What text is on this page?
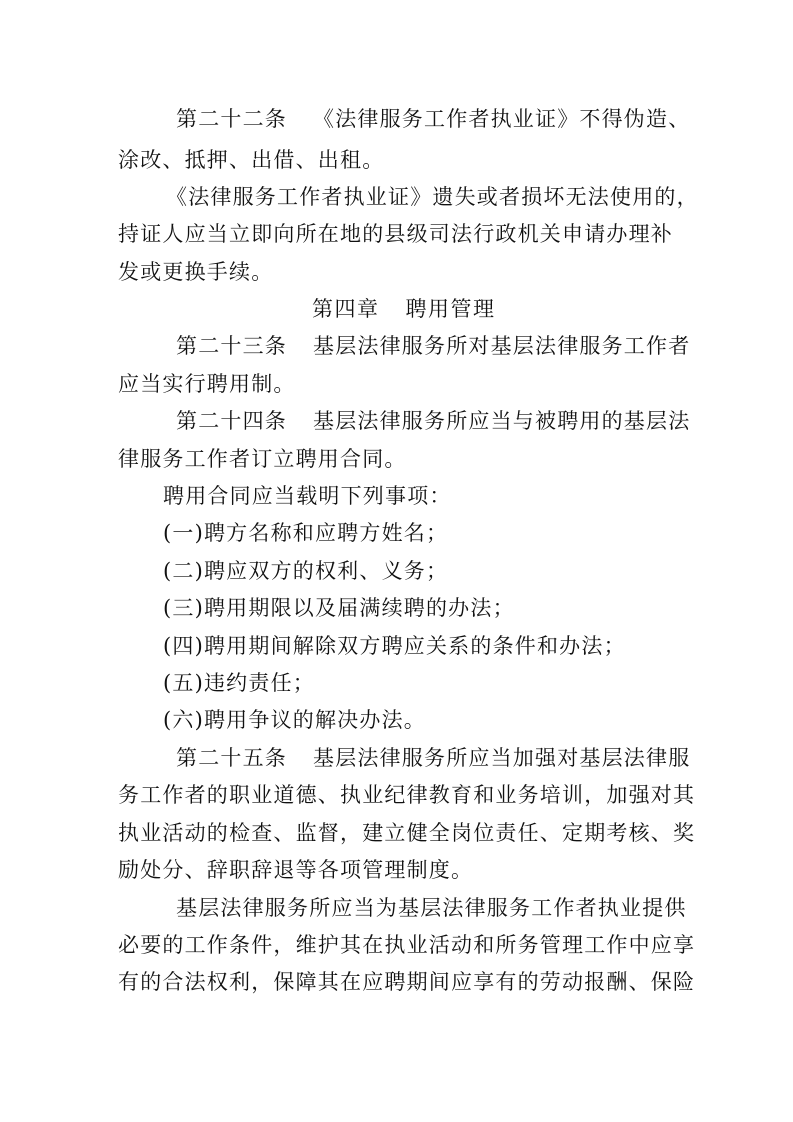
第二十二条 《法律服务工作者执业证》不得伪造、
涂改、抵押、出借、出租。
《法律服务工作者执业证》遗失或者损坏无法使用的，
持证人应当立即向所在地的县级司法行政机关申请办理补
发或更换手续。
第四章 聘用管理
第二十三条 基层法律服务所对基层法律服务工作者
应当实行聘用制。
第二十四条 基层法律服务所应当与被聘用的基层法
律服务工作者订立聘用合同。
聘用合同应当载明下列事项：
(一)聘方名称和应聘方姓名；
(二)聘应双方的权利、义务；
(三)聘用期限以及届满续聘的办法；
(四)聘用期间解除双方聘应关系的条件和办法；
(五)违约责任；
(六)聘用争议的解决办法。
第二十五条 基层法律服务所应当加强对基层法律服
务工作者的职业道德、执业纪律教育和业务培训，加强对其
执业活动的检查、监督，建立健全岗位责任、定期考核、奖
励处分、辞职辞退等各项管理制度。
基层法律服务所应当为基层法律服务工作者执业提供
必要的工作条件，维护其在执业活动和所务管理工作中应享
有的合法权利，保障其在应聘期间应享有的劳动报酬、保险
